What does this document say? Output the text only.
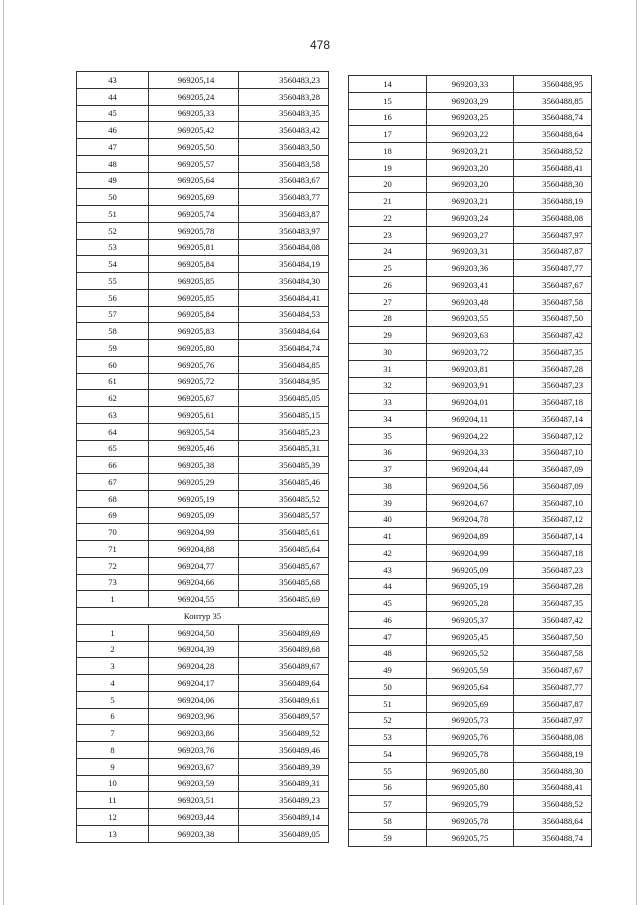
478
43	969205,14	3560483,23
44	969205,24	3560483,28
45	969205,33	3560483,35
46	969205,42	3560483,42
47	969205,50	3560483,50
48	969205,57	3560483,58
49	969205,64	3560483,67
50	969205,69	3560483,77
51	969205,74	3560483,87
52	969205,78	3560483,97
53	969205,81	3560484,08
54	969205,84	3560484,19
55	969205,85	3560484,30
56	969205,85	3560484,41
57	969205,84	3560484,53
58	969205,83	3560484,64
59	969205,80	3560484,74
60	969205,76	3560484,85
61	969205,72	3560484,95
62	969205,67	3560485,05
63	969205,61	3560485,15
64	969205,54	3560485,23
65	969205,46	3560485,31
66	969205,38	3560485,39
67	969205,29	3560485,46
68	969205,19	3560485,52
69	969205,09	3560485,57
70	969204,99	3560485,61
71	969204,88	3560485,64
72	969204,77	3560485,67
73	969204,66	3560485,68
1	969204,55	3560485,69
Контур 35		
1	969204,50	3560489,69
2	969204,39	3560489,68
3	969204,28	3560489,67
4	969204,17	3560489,64
5	969204,06	3560489,61
6	969203,96	3560489,57
7	969203,86	3560489,52
8	969203,76	3560489,46
9	969203,67	3560489,39
10	969203,59	3560489,31
11	969203,51	3560489,23
12	969203,44	3560489,14
13	969203,38	3560489,05
14	969203,33	3560488,95
15	969203,29	3560488,85
16	969203,25	3560488,74
17	969203,22	3560488,64
18	969203,21	3560488,52
19	969203,20	3560488,41
20	969203,20	3560488,30
21	969203,21	3560488,19
22	969203,24	3560488,08
23	969203,27	3560487,97
24	969203,31	3560487,87
25	969203,36	3560487,77
26	969203,41	3560487,67
27	969203,48	3560487,58
28	969203,55	3560487,50
29	969203,63	3560487,42
30	969203,72	3560487,35
31	969203,81	3560487,28
32	969203,91	3560487,23
33	969204,01	3560487,18
34	969204,11	3560487,14
35	969204,22	3560487,12
36	969204,33	3560487,10
37	969204,44	3560487,09
38	969204,56	3560487,09
39	969204,67	3560487,10
40	969204,78	3560487,12
41	969204,89	3560487,14
42	969204,99	3560487,18
43	969205,09	3560487,23
44	969205,19	3560487,28
45	969205,28	3560487,35
46	969205,37	3560487,42
47	969205,45	3560487,50
48	969205,52	3560487,58
49	969205,59	3560487,67
50	969205,64	3560487,77
51	969205,69	3560487,87
52	969205,73	3560487,97
53	969205,76	3560488,08
54	969205,78	3560488,19
55	969205,80	3560488,30
56	969205,80	3560488,41
57	969205,79	3560488,52
58	969205,78	3560488,64
59	969205,75	3560488,74
